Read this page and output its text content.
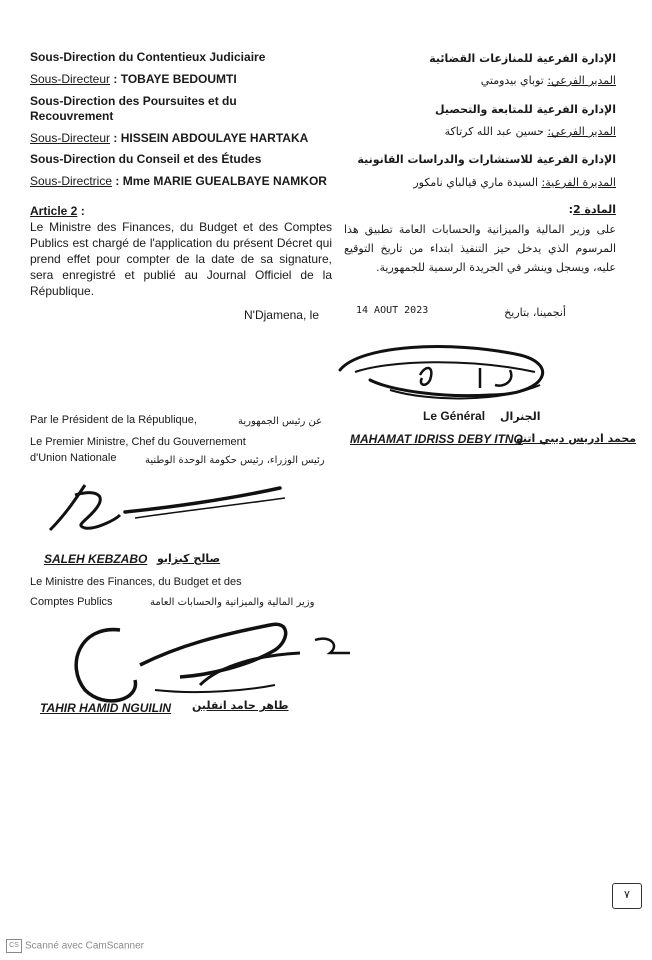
Sous-Direction du Contentieux Judiciaire
Sous-Directeur : TOBAYE BEDOUMTI
Sous-Direction des Poursuites et du
Recouvrement
Sous-Directeur : HISSEIN ABDOULAYE HARTAKA
Sous-Direction du Conseil et des Études
Sous-Directrice : Mme MARIE GUEALBAYE NAMKOR
الإدارة الفرعية للمنازعات القضائية
المدير الفرعي: توباي بيدومتي
الإدارة الفرعية للمتابعة والتحصيل
المدير الفرعي: حسين عبد الله كرتاكة
الإدارة الفرعية للاستشارات والدراسات القانونية
المديرة الفرعية: السيدة ماري قيالباي نامكور
Article 2 :
Le Ministre des Finances, du Budget et des Comptes Publics est chargé de l'application du présent Décret qui prend effet pour compter de la date de sa signature, sera enregistré et publié au Journal Officiel de la République.
المادة 2:
على وزير المالية والميزانية والحسابات العامة تطبيق هذا المرسوم الذي يدخل حيز التنفيذ ابتداء من تاريخ التوقيع عليه، ويسجل وينشر في الجريدة الرسمية للجمهورية.
N'Djamena, le	14 AOUT 2023	أنجمينا، بتاريخ
Par le Président de la République,	عن رئيس الجمهورية	Le Général الجنرال
MAHAMAT IDRISS DEBY ITNO
محمد ادريس ديبي اتنو
Le Premier Ministre, Chef du Gouvernement
d'Union Nationale	رئيس الوزراء، رئيس حكومة الوحدة الوطنية
SALEH KEBZABO صالح كبزابو
Le Ministre des Finances, du Budget et des
Comptes Publics	وزير المالية والميزانية والحسابات العامة
TAHIR HAMID NGUILIN طاهر حامد انقلين
٧
CS Scanné avec CamScanner
